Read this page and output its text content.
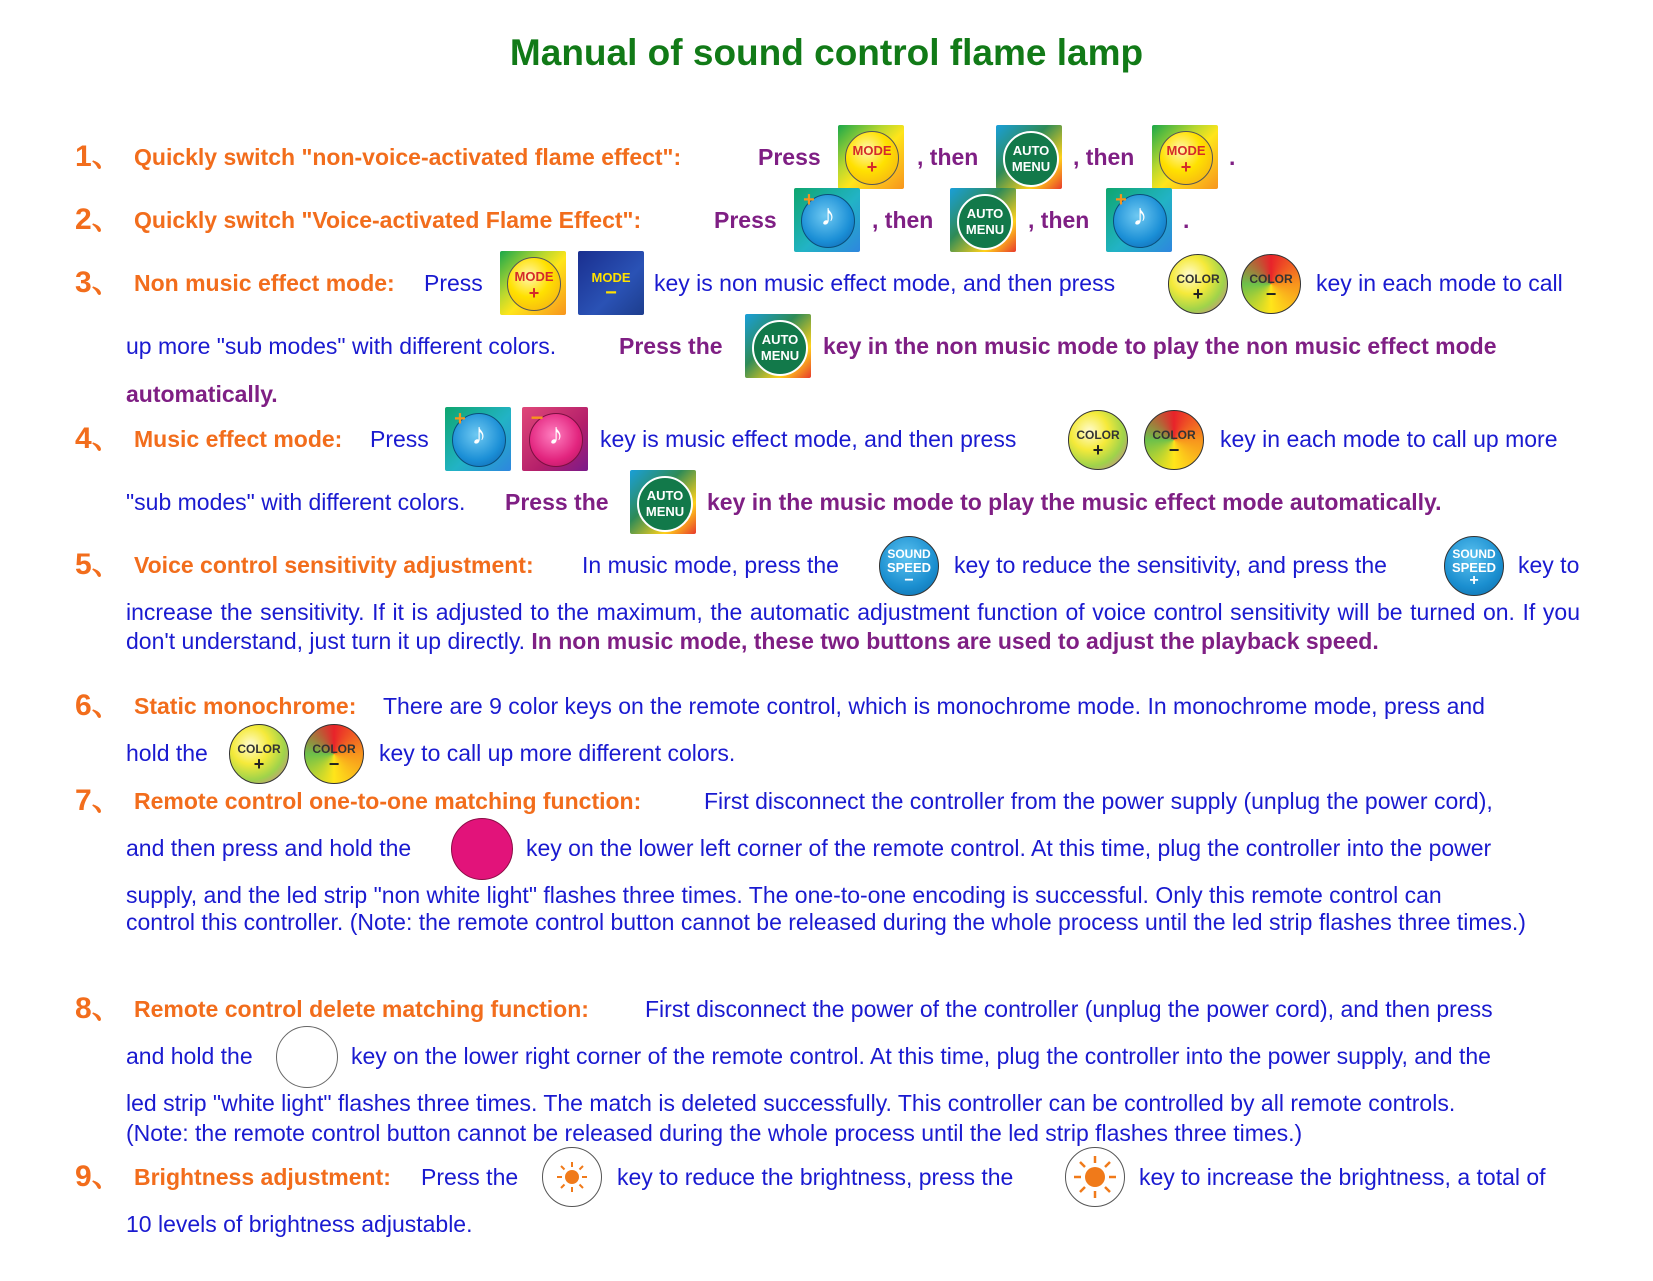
Manual of sound control flame lamp
1、 Quickly switch "non-voice-activated flame effect":	Press	MODE
+	, then	AUTO
MENU , then	MODE
+	.
2、 Quickly switch "Voice-activated Flame Effect":	Press	♪
+
, then	AUTO
MENU , then	♪
+
.
3、 Non music effect mode: Press	MODE
+
MODE
−	key is non music effect mode, and then press	COLOR
+
COLOR
−	key in each mode to call
up more "sub modes" with different colors.	Press the	AUTO
MENU key in the non music mode to play the non music effect mode
automatically.
4、 Music effect mode: Press	♪
+	♪
−
key is music effect mode, and then press	COLOR
+
COLOR
−	key in each mode to call up more
"sub modes" with different colors. Press the	AUTO
MENU key in the music mode to play the music effect mode automatically.
5、 Voice control sensitivity adjustment: In music mode, press the	SOUND
SPEED
−
key to reduce the sensitivity, and press the	SOUND
SPEED
+
key to
increase the sensitivity. If it is adjusted to the maximum, the automatic adjustment function of voice control sensitivity will be turned on. If you don't understand, just turn it up directly. In non music mode, these two buttons are used to adjust the playback speed.
6、 Static monochrome: There are 9 color keys on the remote control, which is monochrome mode. In monochrome mode, press and
hold the	COLOR
+
COLOR
−	key to call up more different colors.
7、 Remote control one-to-one matching function:	First disconnect the controller from the power supply (unplug the power cord),
and then press and hold the	key on the lower left corner of the remote control. At this time, plug the controller into the power
supply, and the led strip "non white light" flashes three times. The one-to-one encoding is successful. Only this remote control can
control this controller. (Note: the remote control button cannot be released during the whole process until the led strip flashes three times.)
8、 Remote control delete matching function: First disconnect the power of the controller (unplug the power cord), and then press
and hold the	key on the lower right corner of the remote control. At this time, plug the controller into the power supply, and the
led strip "white light" flashes three times. The match is deleted successfully. This controller can be controlled by all remote controls.
(Note: the remote control button cannot be released during the whole process until the led strip flashes three times.)
9、 Brightness adjustment: Press the	key to reduce the brightness, press the	key to increase the brightness, a total of
10 levels of brightness adjustable.
